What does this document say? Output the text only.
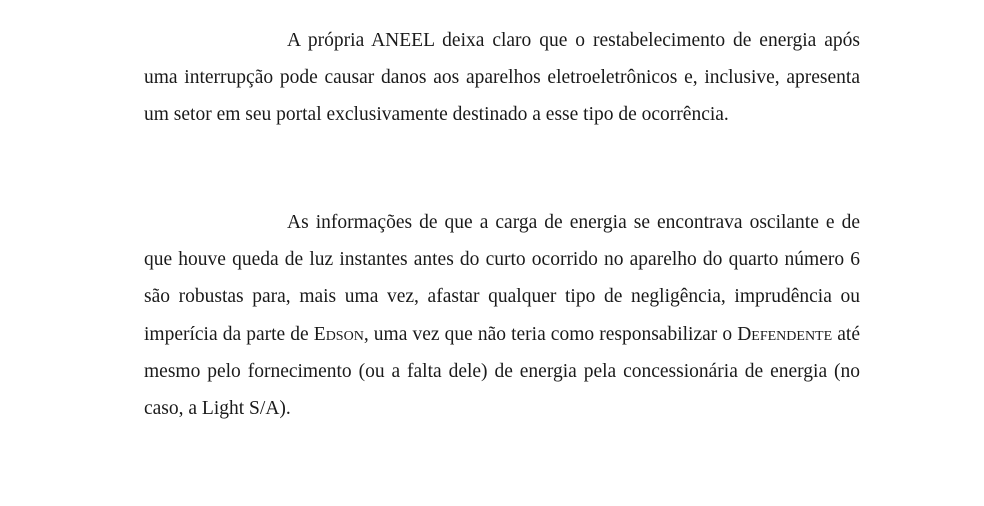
A própria ANEEL deixa claro que o restabelecimento de energia após uma interrupção pode causar danos aos aparelhos eletroeletrônicos e, inclusive, apresenta um setor em seu portal exclusivamente destinado a esse tipo de ocorrência.

As informações de que a carga de energia se encontrava oscilante e de que houve queda de luz instantes antes do curto ocorrido no aparelho do quarto número 6 são robustas para, mais uma vez, afastar qualquer tipo de negligência, imprudência ou imperícia da parte de Edson, uma vez que não teria como responsabilizar o Defendente até mesmo pelo fornecimento (ou a falta dele) de energia pela concessionária de energia (no caso, a Light S/A).
